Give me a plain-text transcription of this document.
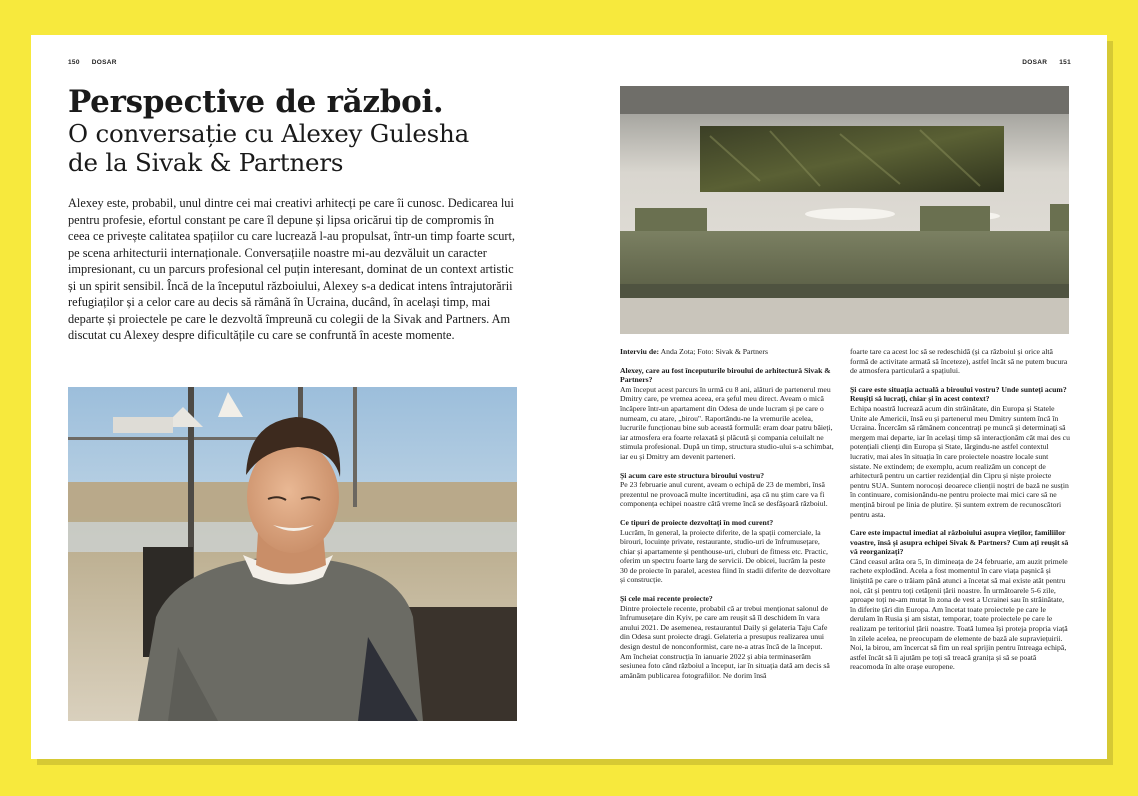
150 DOSAR	DOSAR 151
Perspective de război.
O conversație cu Alexey Gulesha
de la Sivak & Partners

Alexey este, probabil, unul dintre cei mai creativi arhitecți pe care îi cunosc. Dedicarea lui pentru profesie, efortul constant pe care îl depune și lipsa oricărui tip de compromis în ceea ce privește calitatea spațiilor cu care lucrează l-au propulsat, într-un timp foarte scurt, pe scena arhitecturii internaționale. Conversațiile noastre mi-au dezvăluit un caracter impresionant, cu un parcurs profesional cel puțin interesant, dominat de un context artistic și un spirit sensibil. Încă de la începutul războiului, Alexey s-a dedicat intens întrajutorării refugiaților și a celor care au decis să rămână în Ucraina, ducând, în același timp, mai departe și proiectele pe care le dezvoltă împreună cu colegii de la Sivak and Partners. Am discutat cu Alexey despre dificultățile cu care se confruntă în aceste momente.

Interviu de: Anda Zota; Foto: Sivak & Partners

Alexey, care au fost începuturile biroului de arhitectură Sivak & Partners?

Am început acest parcurs în urmă cu 8 ani, alături de partenerul meu Dmitry care, pe vremea aceea, era șeful meu direct. Aveam o mică încăpere într-un apartament din Odesa de unde lucram și pe care o numeam, cu atare, „birou". Raportându-ne la vremurile acelea, lucrurile funcționau bine sub această formulă: eram doar patru băieți, iar atmosfera era foarte relaxată și plăcută și compania celuilalt ne stimula profesional. După un timp, structura studio-ului s-a schimbat, iar eu și Dmitry am devenit parteneri.

Și acum care este structura biroului vostru?

Pe 23 februarie anul curent, aveam o echipă de 23 de membri, însă prezentul ne provoacă multe incertitudini, așa că nu știm care va fi componența echipei noastre câtă vreme încă se desfășoară războiul.

Ce tipuri de proiecte dezvoltați în mod curent?

Lucrăm, în general, la proiecte diferite, de la spații comerciale, la birouri, locuințe private, restaurante, studio-uri de înfrumusețare, chiar și apartamente și penthouse-uri, cluburi de fitness etc. Practic, oferim un spectru foarte larg de servicii. De obicei, lucrăm la peste 30 de proiecte în paralel, acestea fiind în stadii diferite de dezvoltare și construcție.

Și cele mai recente proiecte?

Dintre proiectele recente, probabil că ar trebui menționat salonul de înfrumusețare din Kyiv, pe care am reușit să îl deschidem în vara anului 2021. De asemenea, restaurantul Daily și gelateria Taju Cafe din Odesa sunt proiecte dragi. Gelateria a presupus realizarea unui design destul de nonconformist, care ne-a atras încă de la început. Am încheiat construcția în ianuarie 2022 și abia terminaserăm sesiunea foto când războiul a început, iar în situația dată am decis să amânăm publicarea fotografiilor. Ne dorim însă

foarte tare ca acest loc să se redeschidă (și ca războiul și orice altă formă de activitate armată să înceteze), astfel încât să ne putem bucura de atmosfera particulară a spațiului.

Și care este situația actuală a biroului vostru? Unde sunteți acum? Reușiți să lucrați, chiar și în acest context?

Echipa noastră lucrează acum din străinătate, din Europa și Statele Unite ale Americii, însă eu și partenerul meu Dmitry suntem încă în Ucraina. Încercăm să rămânem concentrați pe muncă și determinați să mergem mai departe, iar în același timp să interacționăm cât mai des cu potențiali clienți din Europa și State, lărgindu-ne astfel contextul lucrativ, mai ales în situația în care proiectele noastre locale sunt sistate. Ne extindem; de exemplu, acum realizăm un concept de arhitectură pentru un cartier rezidențial din Cipru și niște proiecte pentru SUA. Suntem norocoși deoarece clienții noștri de bază ne susțin în continuare, comisionându-ne pentru proiecte mai mici care să ne mențină biroul pe linia de plutire. Și suntem extrem de recunoscători pentru asta.

Care este impactul imediat al războiului asupra vieților, familiilor voastre, însă și asupra echipei Sivak & Partners? Cum ați reușit să vă reorganizați?

Când ceasul arăta ora 5, în dimineața de 24 februarie, am auzit primele rachete explodând. Acela a fost momentul în care viața pașnică și liniștită pe care o trăiam până atunci a încetat să mai existe atât pentru noi, cât și pentru toți cetățenii țării noastre. În următoarele 5-6 zile, aproape toți ne-am mutat în zona de vest a Ucrainei sau în străinătate, în diferite țări din Europa. Am încetat toate proiectele pe care le derulam în Rusia și am sistat, temporar, toate proiectele pe care le realizam pe teritoriul țării noastre. Toată lumea își proteja propria viață în zilele acelea, ne preocupam de elemente de bază ale supraviețuirii. Noi, la birou, am încercat să fim un real sprijin pentru întreaga echipă, astfel încât să îi ajutăm pe toți să treacă granița și să se poată reacomoda în alte orașe europene.
